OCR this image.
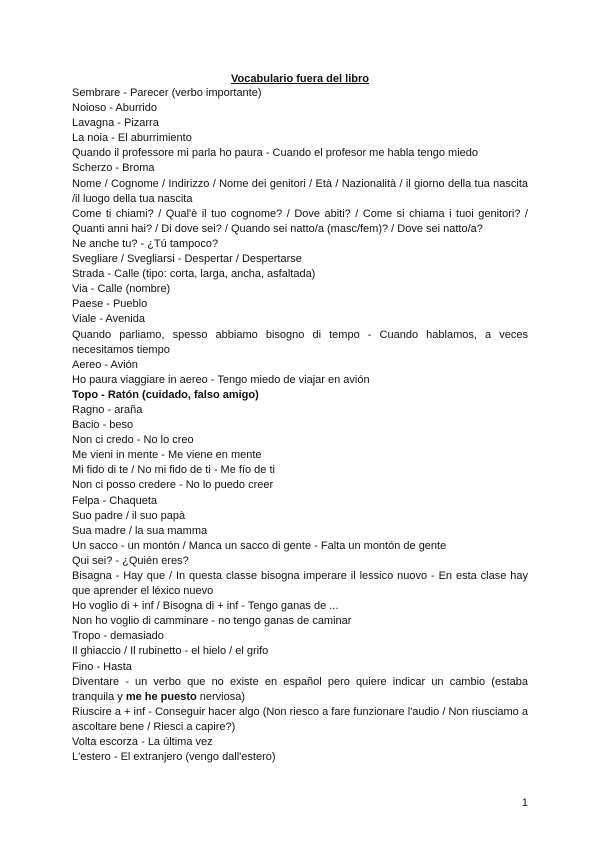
Vocabulario fuera del libro
Sembrare - Parecer (verbo importante)
Noioso - Aburrido
Lavagna - Pizarra
La noia - El aburrimiento
Quando il professore mi parla ho paura - Cuando el profesor me habla tengo miedo
Scherzo - Broma
Nome / Cognome / Indirizzo / Nome dei genitori / Età / Nazionalità / il giorno della tua nascita /il luogo della tua nascita
Come ti chiami? / Qual'è il tuo cognome? / Dove abiti? / Come si chiama i tuoi genitori? / Quanti anni hai? / Di dove sei? / Quando sei natto/a (masc/fem)? / Dove sei natto/a?
Ne anche tu? - ¿Tú tampoco?
Svegliare / Svegliarsi - Despertar / Despertarse
Strada - Calle (tipo: corta, larga, ancha, asfaltada)
Via - Calle (nombre)
Paese - Pueblo
Viale - Avenida
Quando parliamo, spesso abbiamo bisogno di tempo - Cuando hablamos, a veces necesitamos tiempo
Aereo - Avión
Ho paura viaggiare in aereo - Tengo miedo de viajar en avión
Topo - Ratón (cuidado, falso amigo)
Ragno - araña
Bacio - beso
Non ci credo - No lo creo
Me vieni in mente - Me viene en mente
Mi fido di te / No mi fido de ti - Me fío de ti
Non ci posso credere - No lo puedo creer
Felpa - Chaqueta
Suo padre / il suo papà
Sua madre / la sua mamma
Un sacco - un montón / Manca un sacco di gente - Falta un montón de gente
Qui sei? - ¿Quién eres?
Bisagna - Hay que / In questa classe bisogna imperare il lessico nuovo - En esta clase hay que aprender el léxico nuevo
Ho voglio di + inf / Bisogna di + inf - Tengo ganas de ...
Non ho voglio di camminare - no tengo ganas de caminar
Tropo - demasiado
Il ghiaccio / Il rubinetto - el hielo / el grifo
Fino - Hasta
Diventare - un verbo que no existe en español pero quiere indicar un cambio (estaba tranquila y me he puesto nerviosa)
Riuscire a + inf - Conseguir hacer algo (Non riesco a fare funzionare l'audio / Non riusciamo a ascoltare bene / Riesci a capire?)
Volta escorza - La última vez
L'estero - El extranjero (vengo dall'estero)
1
